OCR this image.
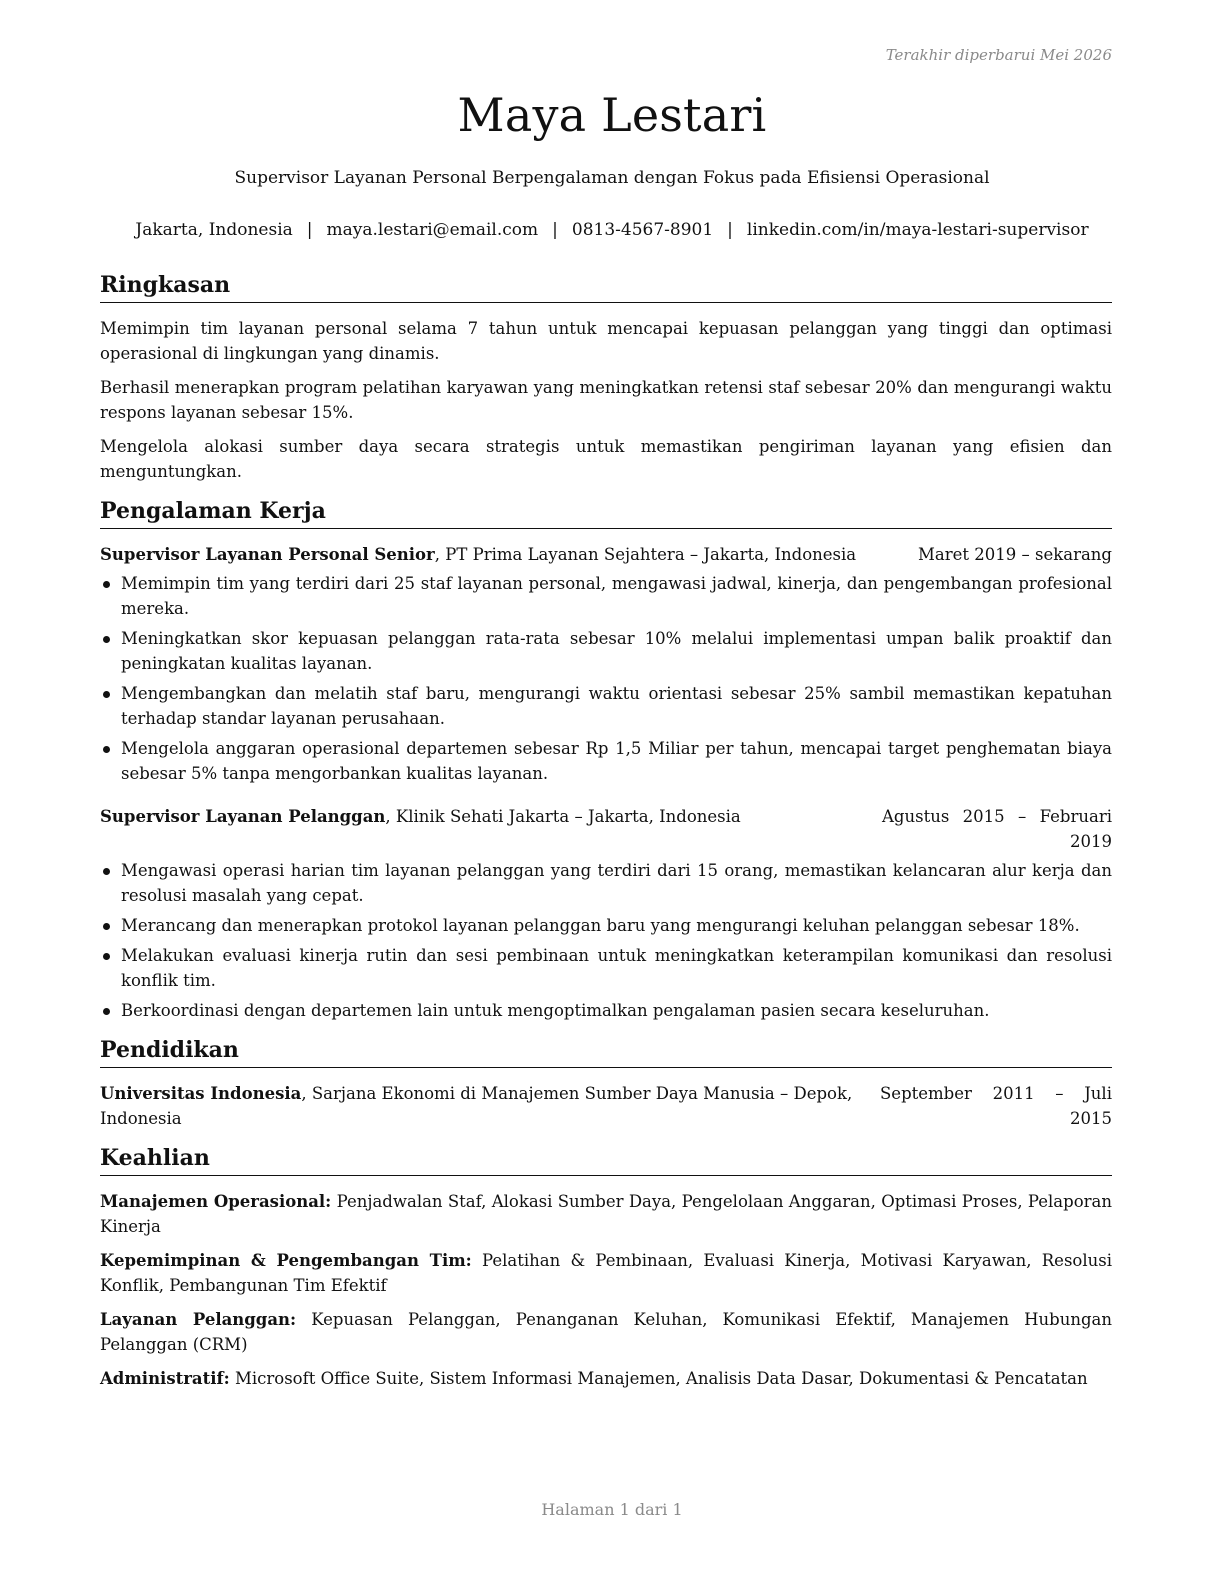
Terakhir diperbarui Mei 2026
Maya Lestari
Supervisor Layanan Personal Berpengalaman dengan Fokus pada Efisiensi Operasional
Jakarta, Indonesia | maya.lestari@email.com | 0813-4567-8901 | linkedin.com/in/maya-lestari-supervisor
Ringkasan

Memimpin tim layanan personal selama 7 tahun untuk mencapai kepuasan pelanggan yang tinggi dan optimasi operasional di lingkungan yang dinamis.

Berhasil menerapkan program pelatihan karyawan yang meningkatkan retensi staf sebesar 20% dan mengurangi waktu respons layanan sebesar 15%.

Mengelola alokasi sumber daya secara strategis untuk memastikan pengiriman layanan yang efisien dan menguntungkan.

Pengalaman Kerja
Supervisor Layanan Personal Senior, PT Prima Layanan Sejahtera – Jakarta, Indonesia	Maret 2019 – sekarang
Memimpin tim yang terdiri dari 25 staf layanan personal, mengawasi jadwal, kinerja, dan pengembangan profesional mereka.
Meningkatkan skor kepuasan pelanggan rata-rata sebesar 10% melalui implementasi umpan balik proaktif dan peningkatan kualitas layanan.
Mengembangkan dan melatih staf baru, mengurangi waktu orientasi sebesar 25% sambil memastikan kepatuhan terhadap standar layanan perusahaan.
Mengelola anggaran operasional departemen sebesar Rp 1,5 Miliar per tahun, mencapai target penghematan biaya sebesar 5% tanpa mengorbankan kualitas layanan.
Supervisor Layanan Pelanggan, Klinik Sehati Jakarta – Jakarta, Indonesia	Agustus 2015 – Februari 2019
Mengawasi operasi harian tim layanan pelanggan yang terdiri dari 15 orang, memastikan kelancaran alur kerja dan resolusi masalah yang cepat.
Merancang dan menerapkan protokol layanan pelanggan baru yang mengurangi keluhan pelanggan sebesar 18%.
Melakukan evaluasi kinerja rutin dan sesi pembinaan untuk meningkatkan keterampilan komunikasi dan resolusi konflik tim.
Berkoordinasi dengan departemen lain untuk mengoptimalkan pengalaman pasien secara keseluruhan.
Pendidikan
Universitas Indonesia, Sarjana Ekonomi di Manajemen Sumber Daya Manusia – Depok, Indonesia
September 2011 – Juli 2015
Keahlian

Manajemen Operasional: Penjadwalan Staf, Alokasi Sumber Daya, Pengelolaan Anggaran, Optimasi Proses, Pelaporan Kinerja

Kepemimpinan & Pengembangan Tim: Pelatihan & Pembinaan, Evaluasi Kinerja, Motivasi Karyawan, Resolusi Konflik, Pembangunan Tim Efektif

Layanan Pelanggan: Kepuasan Pelanggan, Penanganan Keluhan, Komunikasi Efektif, Manajemen Hubungan Pelanggan (CRM)

Administratif: Microsoft Office Suite, Sistem Informasi Manajemen, Analisis Data Dasar, Dokumentasi & Pencatatan

Halaman 1 dari 1
